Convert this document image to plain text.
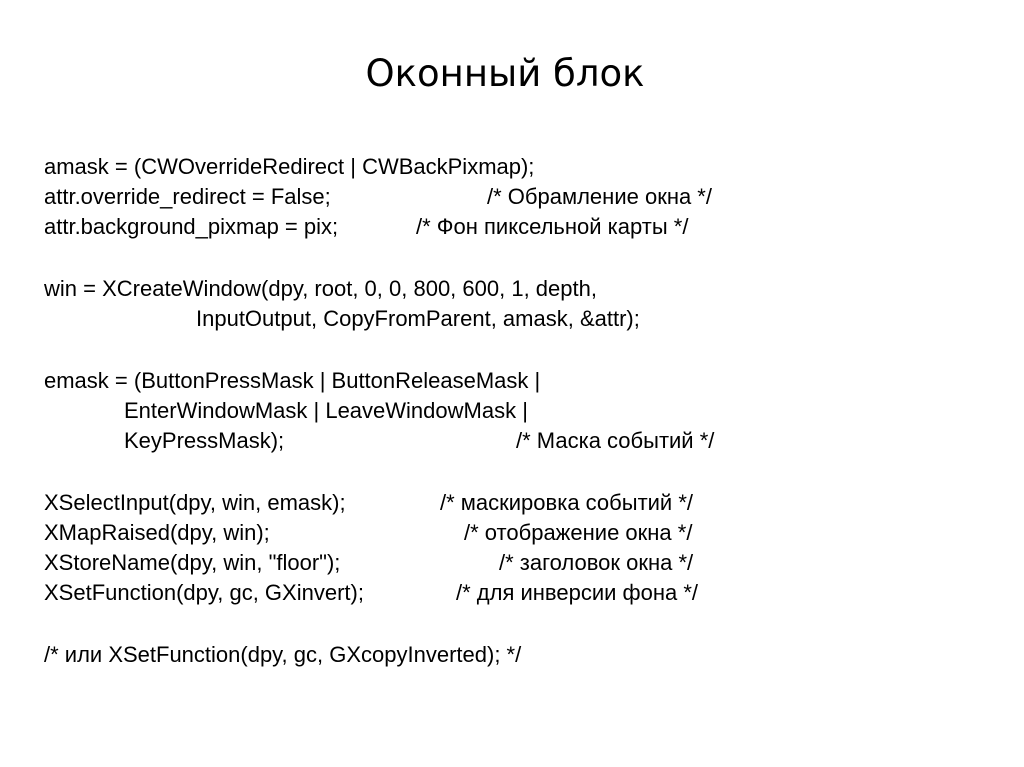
Оконный блок
amask = (CWOverrideRedirect | CWBackPixmap);
attr.override_redirect = False;	/* Обрамление окна */
attr.background_pixmap = pix;	/* Фон пиксельной карты */
win = XCreateWindow(dpy, root, 0, 0, 800, 600, 1, depth,
InputOutput, CopyFromParent, amask, &attr);
emask = (ButtonPressMask | ButtonReleaseMask |
EnterWindowMask | LeaveWindowMask |
KeyPressMask);	/* Маска событий */
XSelectInput(dpy, win, emask);	/* маскировка событий */
XMapRaised(dpy, win);	/* отображение окна */
XStoreName(dpy, win, "floor");	/* заголовок окна */
XSetFunction(dpy, gc, GXinvert);	/* для инверсии фона */
/* или XSetFunction(dpy, gc, GXcopyInverted); */
